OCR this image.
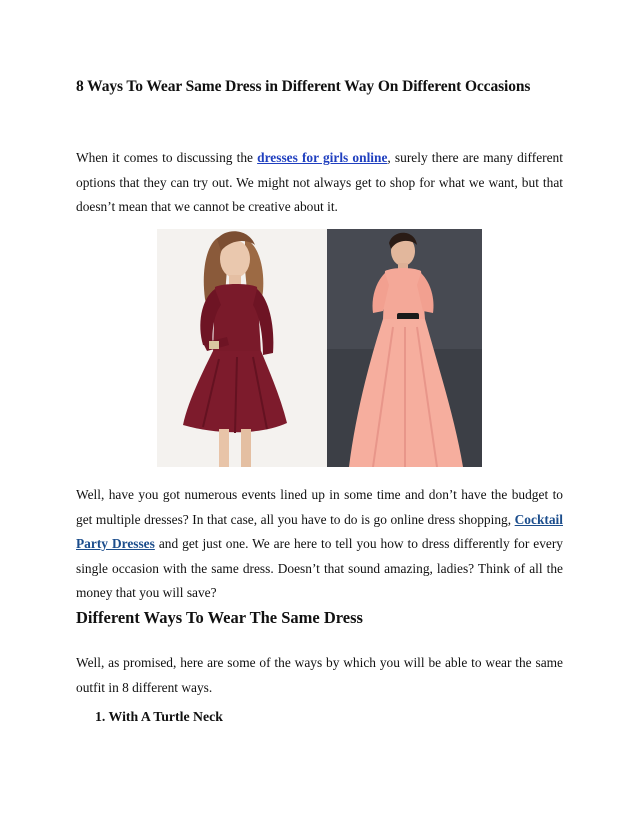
8 Ways To Wear Same Dress in Different Way On Different Occasions

When it comes to discussing the dresses for girls online, surely there are many different options that they can try out. We might not always get to shop for what we want, but that doesn’t mean that we cannot be creative about it.

Well, have you got numerous events lined up in some time and don’t have the budget to get multiple dresses? In that case, all you have to do is go online dress shopping, Cocktail Party Dresses and get just one. We are here to tell you how to dress differently for every single occasion with the same dress. Doesn’t that sound amazing, ladies? Think of all the money that you will save?

Different Ways To Wear The Same Dress

Well, as promised, here are some of the ways by which you will be able to wear the same outfit in 8 different ways.

1. With A Turtle Neck
